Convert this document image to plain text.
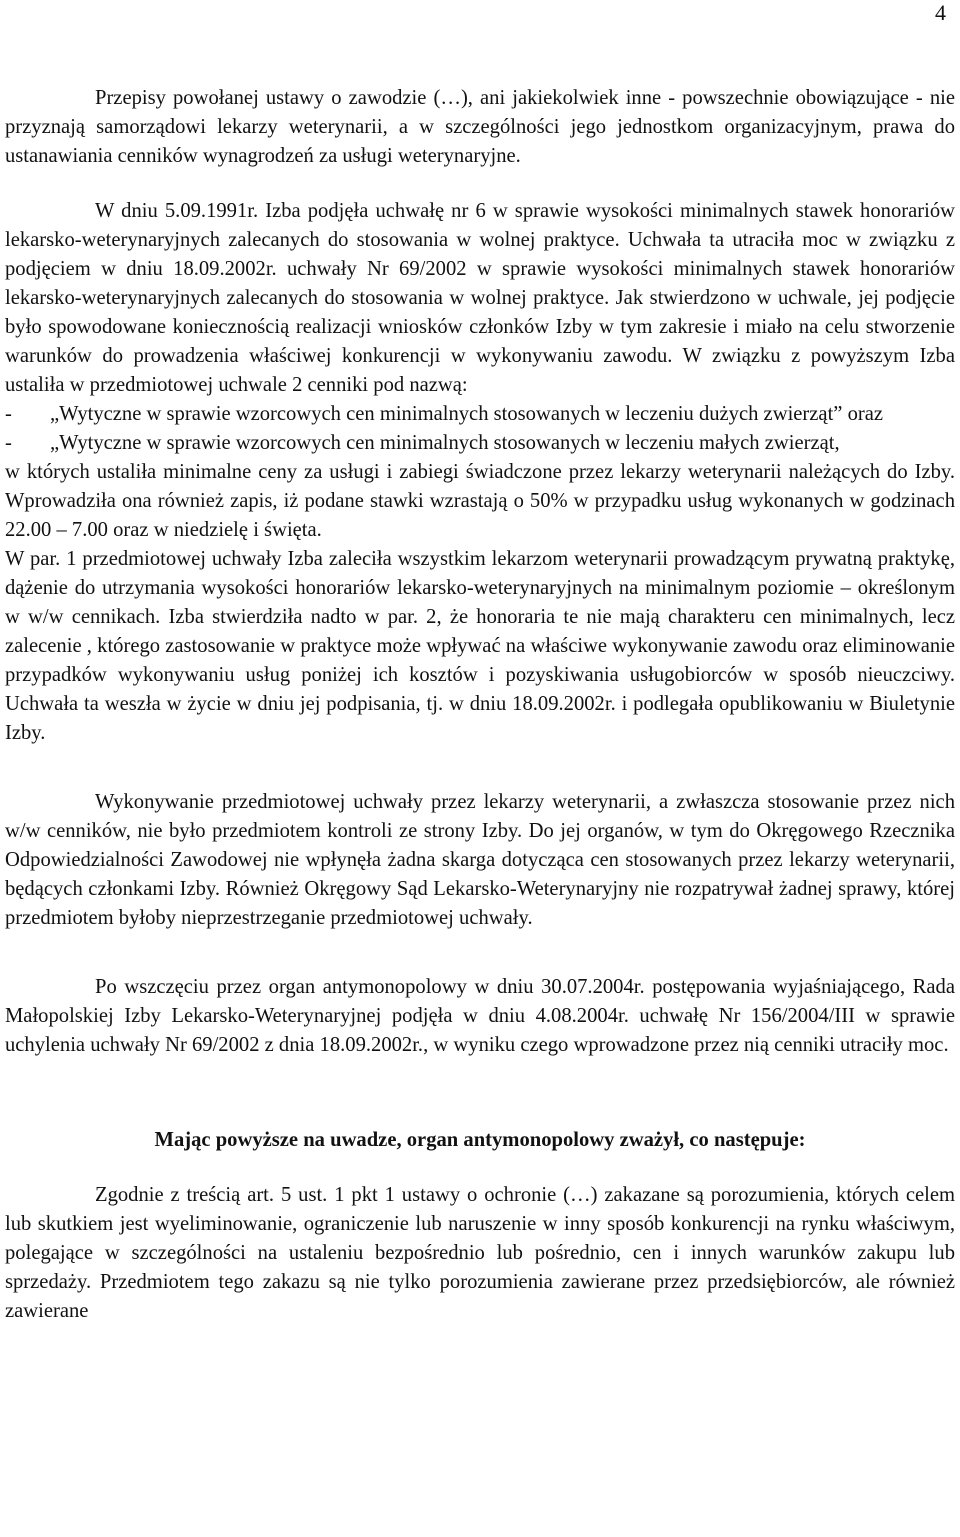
4

Przepisy powołanej ustawy o zawodzie (…), ani jakiekolwiek inne - powszechnie obowiązujące - nie przyznają samorządowi lekarzy weterynarii, a w szczególności jego jednostkom organizacyjnym, prawa do ustanawiania cenników wynagrodzeń za usługi weterynaryjne.

W dniu 5.09.1991r. Izba podjęła uchwałę nr 6 w sprawie wysokości minimalnych stawek honorariów lekarsko-weterynaryjnych zalecanych do stosowania w wolnej praktyce. Uchwała ta utraciła moc w związku z podjęciem w dniu 18.09.2002r. uchwały Nr 69/2002 w sprawie wysokości minimalnych stawek honorariów lekarsko-weterynaryjnych zalecanych do stosowania w wolnej praktyce. Jak stwierdzono w uchwale, jej podjęcie było spowodowane koniecznością realizacji wniosków członków Izby w tym zakresie i miało na celu stworzenie warunków do prowadzenia właściwej konkurencji w wykonywaniu zawodu. W związku z powyższym Izba ustaliła w przedmiotowej uchwale 2 cenniki pod nazwą:

- „Wytyczne w sprawie wzorcowych cen minimalnych stosowanych w leczeniu dużych zwierząt” oraz
- „Wytyczne w sprawie wzorcowych cen minimalnych stosowanych w leczeniu małych zwierząt,

w których ustaliła minimalne ceny za usługi i zabiegi świadczone przez lekarzy weterynarii należących do Izby. Wprowadziła ona również zapis, iż podane stawki wzrastają o 50% w przypadku usług wykonanych w godzinach 22.00 – 7.00 oraz w niedzielę i święta.

W par. 1 przedmiotowej uchwały Izba zaleciła wszystkim lekarzom weterynarii prowadzącym prywatną praktykę, dążenie do utrzymania wysokości honorariów lekarsko-weterynaryjnych na minimalnym poziomie – określonym w w/w cennikach. Izba stwierdziła nadto w par. 2, że honoraria te nie mają charakteru cen minimalnych, lecz zalecenie , którego zastosowanie w praktyce może wpływać na właściwe wykonywanie zawodu oraz eliminowanie przypadków wykonywaniu usług poniżej ich kosztów i pozyskiwania usługobiorców w sposób nieuczciwy. Uchwała ta weszła w życie w dniu jej podpisania, tj. w dniu 18.09.2002r. i podlegała opublikowaniu w Biuletynie Izby.

Wykonywanie przedmiotowej uchwały przez lekarzy weterynarii, a zwłaszcza stosowanie przez nich w/w cenników, nie było przedmiotem kontroli ze strony Izby. Do jej organów, w tym do Okręgowego Rzecznika Odpowiedzialności Zawodowej nie wpłynęła żadna skarga dotycząca cen stosowanych przez lekarzy weterynarii, będących członkami Izby. Również Okręgowy Sąd Lekarsko-Weterynaryjny nie rozpatrywał żadnej sprawy, której przedmiotem byłoby nieprzestrzeganie przedmiotowej uchwały.

Po wszczęciu przez organ antymonopolowy w dniu 30.07.2004r. postępowania wyjaśniającego, Rada Małopolskiej Izby Lekarsko-Weterynaryjnej podjęła w dniu 4.08.2004r. uchwałę Nr 156/2004/III w sprawie uchylenia uchwały Nr 69/2002 z dnia 18.09.2002r., w wyniku czego wprowadzone przez nią cenniki utraciły moc.

Mając powyższe na uwadze, organ antymonopolowy zważył, co następuje:

Zgodnie z treścią art. 5 ust. 1 pkt 1 ustawy o ochronie (…) zakazane są porozumienia, których celem lub skutkiem jest wyeliminowanie, ograniczenie lub naruszenie w inny sposób konkurencji na rynku właściwym, polegające w szczególności na ustaleniu bezpośrednio lub pośrednio, cen i innych warunków zakupu lub sprzedaży. Przedmiotem tego zakazu są nie tylko porozumienia zawierane przez przedsiębiorców, ale również zawierane
